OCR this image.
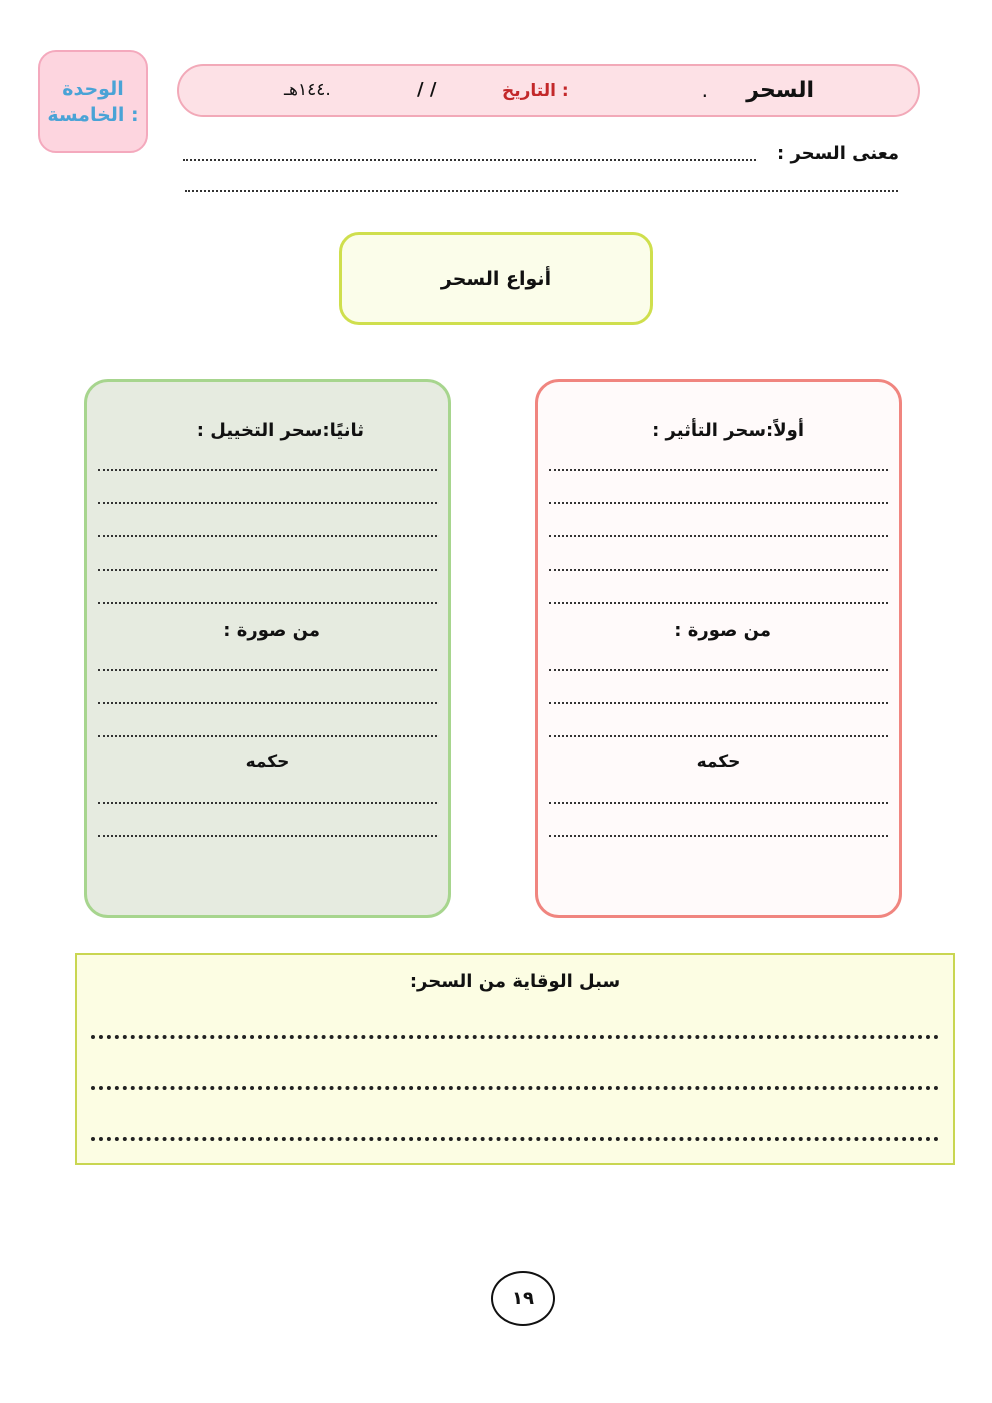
الوحدة
الخامسة :
السحر
.
التاريخ :
/ /
١٤٤هـ.
معنى السحر :
أنواع السحر
أولاً:سحر التأثير :
من صورة :
حكمه
ثانيًا:سحر التخييل :
من صورة :
حكمه
سبل الوقاية من السحر:
١٩
